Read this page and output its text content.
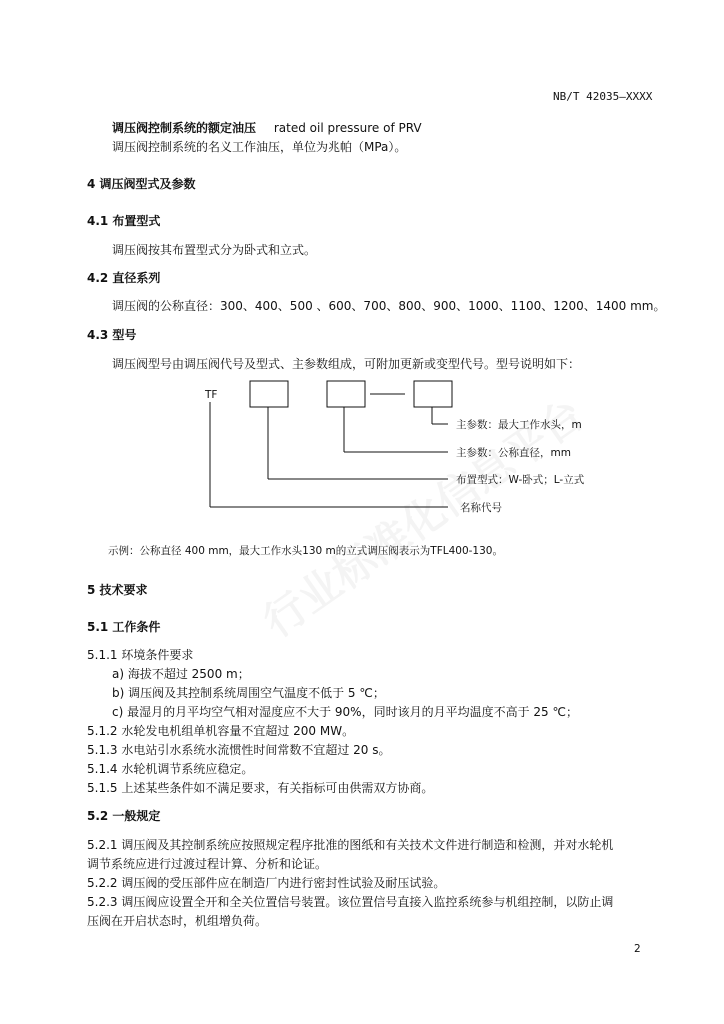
NB/T 42035—XXXX
调压阀控制系统的额定油压 rated oil pressure of PRV
调压阀控制系统的名义工作油压，单位为兆帕（MPa）。
4 调压阀型式及参数
4.1 布置型式
调压阀按其布置型式分为卧式和立式。
4.2 直径系列
调压阀的公称直径：300、400、500 、600、700、800、900、1000、1100、1200、1400 mm。
4.3 型号
调压阀型号由调压阀代号及型式、主参数组成，可附加更新或变型代号。型号说明如下：
TF
主参数：最大工作水头，m
主参数：公称直径，mm
布置型式：W-卧式；L-立式
名称代号
示例：公称直径 400 mm，最大工作水头130 m的立式调压阀表示为TFL400-130。
5 技术要求
5.1 工作条件
5.1.1 环境条件要求
a) 海拔不超过 2500 m；
b) 调压阀及其控制系统周围空气温度不低于 5 ℃；
c) 最湿月的月平均空气相对湿度应不大于 90%，同时该月的月平均温度不高于 25 ℃；
5.1.2 水轮发电机组单机容量不宜超过 200 MW。
5.1.3 水电站引水系统水流惯性时间常数不宜超过 20 s。
5.1.4 水轮机调节系统应稳定。
5.1.5 上述某些条件如不满足要求，有关指标可由供需双方协商。
5.2 一般规定
5.2.1 调压阀及其控制系统应按照规定程序批准的图纸和有关技术文件进行制造和检测，并对水轮机
调节系统应进行过渡过程计算、分析和论证。
5.2.2 调压阀的受压部件应在制造厂内进行密封性试验及耐压试验。
5.2.3 调压阀应设置全开和全关位置信号装置。该位置信号直接入监控系统参与机组控制，以防止调
压阀在开启状态时，机组增负荷。
2
